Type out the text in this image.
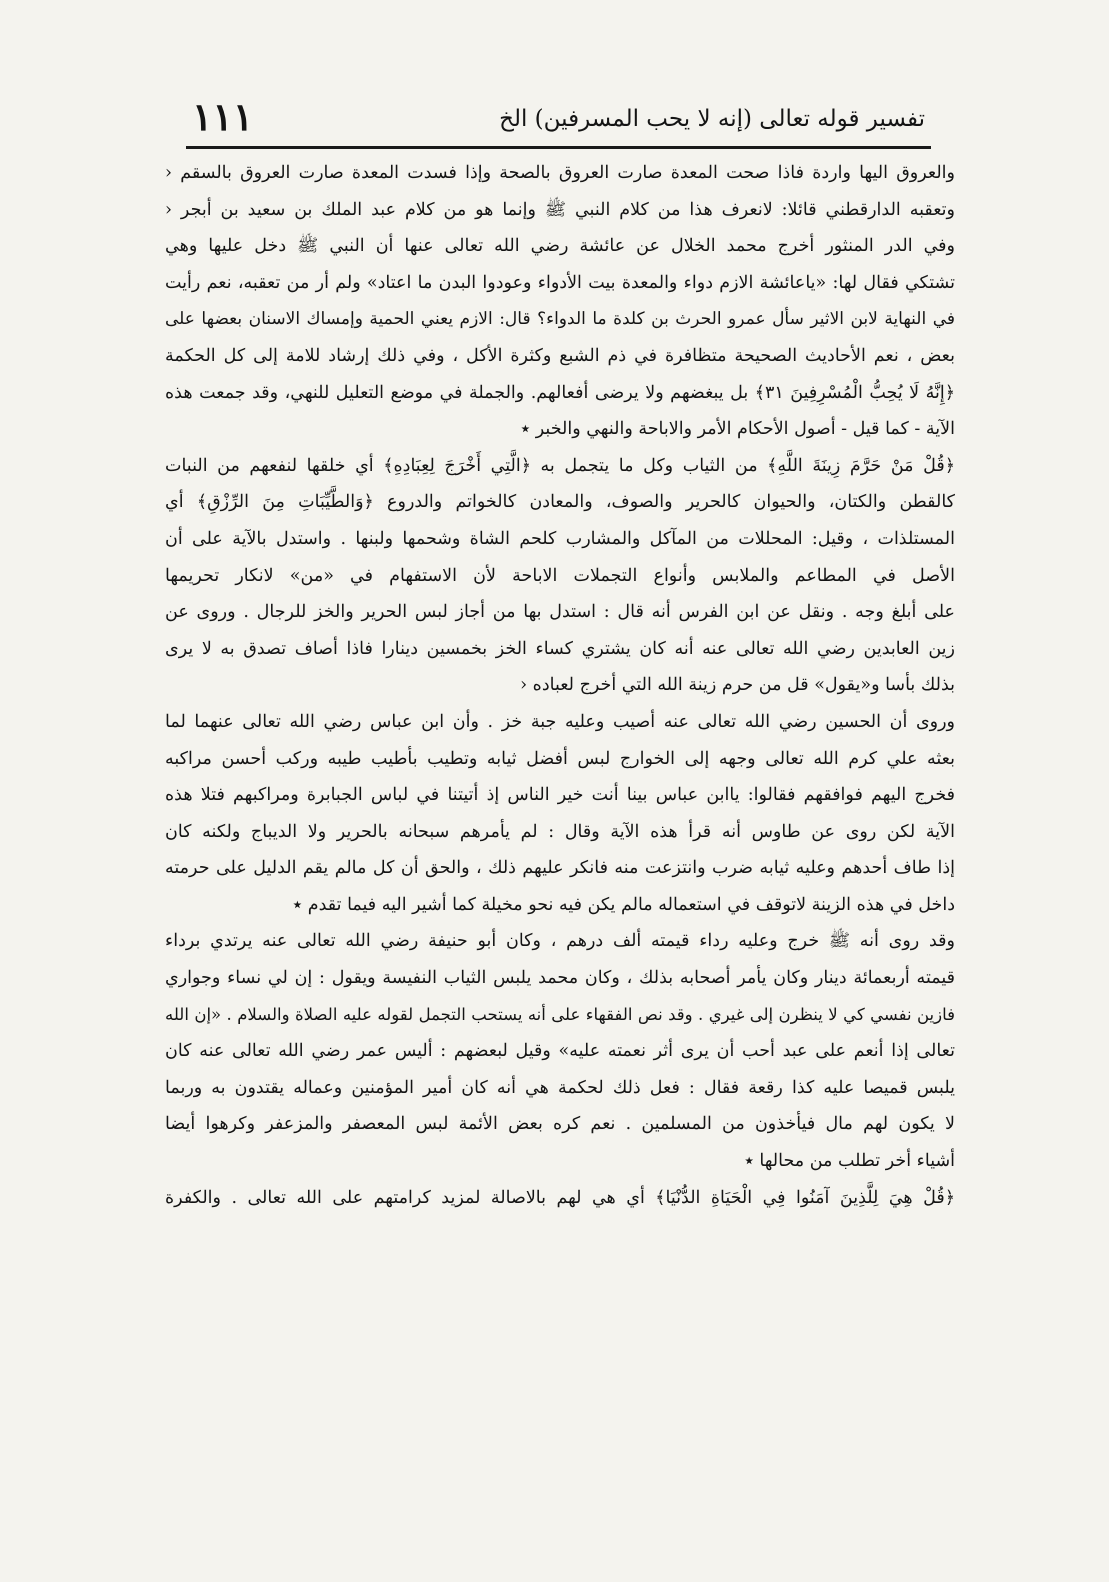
١١١	تفسير قوله تعالى (إنه لا يحب المسرفين) الخ
والعروق اليها واردة فاذا صحت المعدة صارت العروق بالصحة وإذا فسدت المعدة صارت العروق بالسقم ‹
وتعقبه الدارقطني قائلا: لانعرف هذا من كلام النبي ﷺ وإنما هو من كلام عبد الملك بن سعيد بن أبجر ‹
وفي الدر المنثور أخرج محمد الخلال عن عائشة رضي الله تعالى عنها أن النبي ﷺ دخل عليها وهي
تشتكي فقال لها: «ياعائشة الازم دواء والمعدة بيت الأدواء وعودوا البدن ما اعتاد» ولم أر من تعقبه، نعم رأيت
في النهاية لابن الاثير سأل عمرو الحرث بن كلدة ما الدواء؟ قال: الازم يعني الحمية وإمساك الاسنان بعضها على
بعض ، نعم الأحاديث الصحيحة متظافرة في ذم الشبع وكثرة الأكل ، وفي ذلك إرشاد للامة إلى كل الحكمة
﴿إِنَّهُ لَا يُحِبُّ الْمُسْرِفِينَ ٣١﴾ بل يبغضهم ولا يرضى أفعالهم. والجملة في موضع التعليل للنهي، وقد جمعت هذه
الآية - كما قيل - أصول الأحكام الأمر والاباحة والنهي والخبر ٭
﴿قُلْ مَنْ حَرَّمَ زِينَةَ اللَّهِ﴾ من الثياب وكل ما يتجمل به ﴿الَّتِي أَخْرَجَ لِعِبَادِهِ﴾ أي خلقها لنفعهم من النبات
كالقطن والكتان، والحيوان كالحرير والصوف، والمعادن كالخواتم والدروع ﴿وَالطَّيِّبَاتِ مِنَ الرِّزْقِ﴾ أي
المستلذات ، وقيل: المحللات من المآكل والمشارب كلحم الشاة وشحمها ولبنها . واستدل بالآية على أن
الأصل في المطاعم والملابس وأنواع التجملات الاباحة لأن الاستفهام في «من» لانكار تحريمها
على أبلغ وجه . ونقل عن ابن الفرس أنه قال : استدل بها من أجاز لبس الحرير والخز للرجال . وروى عن
زين العابدين رضي الله تعالى عنه أنه كان يشتري كساء الخز بخمسين دينارا فاذا أصاف تصدق به لا يرى
بذلك بأسا و«يقول» قل من حرم زينة الله التي أخرج لعباده ‹
وروى أن الحسين رضي الله تعالى عنه أصيب وعليه جبة خز . وأن ابن عباس رضي الله تعالى عنهما لما
بعثه علي كرم الله تعالى وجهه إلى الخوارج لبس أفضل ثيابه وتطيب بأطيب طيبه وركب أحسن مراكبه
فخرج اليهم فوافقهم فقالوا: ياابن عباس بينا أنت خير الناس إذ أتيتنا في لباس الجبابرة ومراكبهم فتلا هذه
الآية لكن روى عن طاوس أنه قرأ هذه الآية وقال : لم يأمرهم سبحانه بالحرير ولا الديباج ولكنه كان
إذا طاف أحدهم وعليه ثيابه ضرب وانتزعت منه فانكر عليهم ذلك ، والحق أن كل مالم يقم الدليل على حرمته
داخل في هذه الزينة لاتوقف في استعماله مالم يكن فيه نحو مخيلة كما أشير اليه فيما تقدم ٭
وقد روى أنه ﷺ خرج وعليه رداء قيمته ألف درهم ، وكان أبو حنيفة رضي الله تعالى عنه يرتدي برداء
قيمته أربعمائة دينار وكان يأمر أصحابه بذلك ، وكان محمد يلبس الثياب النفيسة ويقول : إن لي نساء وجواري
فازين نفسي كي لا ينظرن إلى غيري . وقد نص الفقهاء على أنه يستحب التجمل لقوله عليه الصلاة والسلام . «إن الله
تعالى إذا أنعم على عبد أحب أن يرى أثر نعمته عليه» وقيل لبعضهم : أليس عمر رضي الله تعالى عنه كان
يلبس قميصا عليه كذا رقعة فقال : فعل ذلك لحكمة هي أنه كان أمير المؤمنين وعماله يقتدون به وربما
لا يكون لهم مال فيأخذون من المسلمين . نعم كره بعض الأئمة لبس المعصفر والمزعفر وكرهوا أيضا
أشياء أخر تطلب من محالها ٭
﴿قُلْ هِيَ لِلَّذِينَ آمَنُوا فِي الْحَيَاةِ الدُّنْيَا﴾ أي هي لهم بالاصالة لمزيد كرامتهم على الله تعالى . والكفرة
